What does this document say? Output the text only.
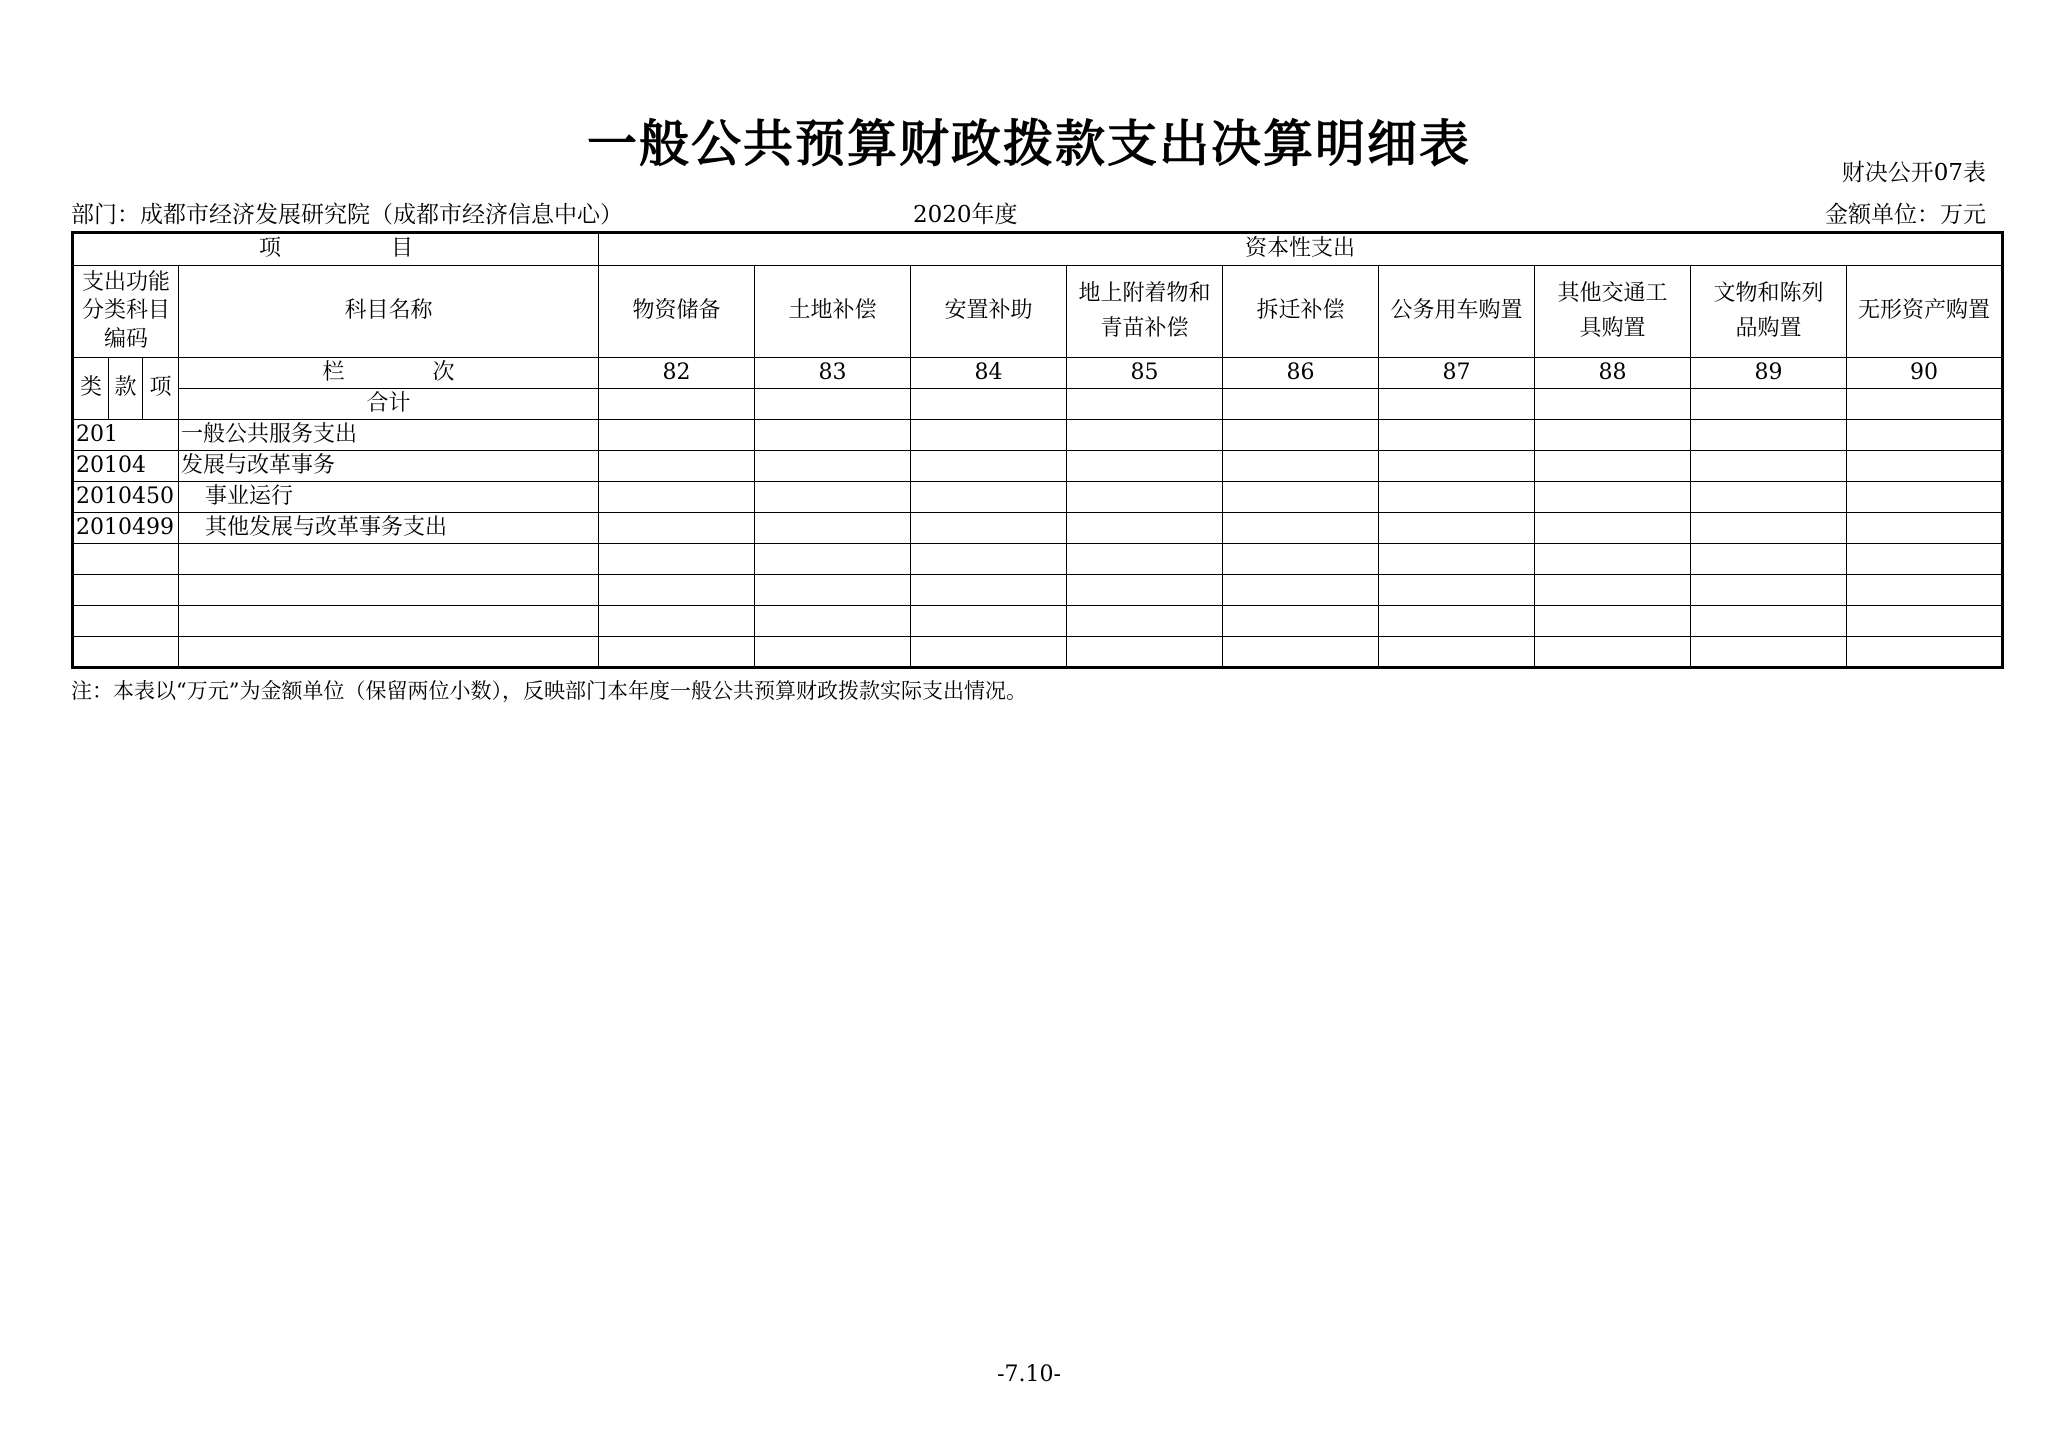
一般公共预算财政拨款支出决算明细表	财决公开07表
部门：成都市经济发展研究院（成都市经济信息中心）	2020年度	金额单位：万元
项　　　　　目				资本性支出								
支出功能分类科目编码			科目名称	物资储备	土地补偿	安置补助	地上附着物和青苗补偿	拆迁补偿	公务用车购置	其他交通工具购置	文物和陈列品购置	无形资产购置
类	款	项	栏　　　　次	82	83	84	85	86	87	88	89	90
			合计									
201			一般公共服务支出									
20104			发展与改革事务									
2010450			事业运行									
2010499			其他发展与改革事务支出									

注：本表以“万元”为金额单位（保留两位小数），反映部门本年度一般公共预算财政拨款实际支出情况。
-7.10-
